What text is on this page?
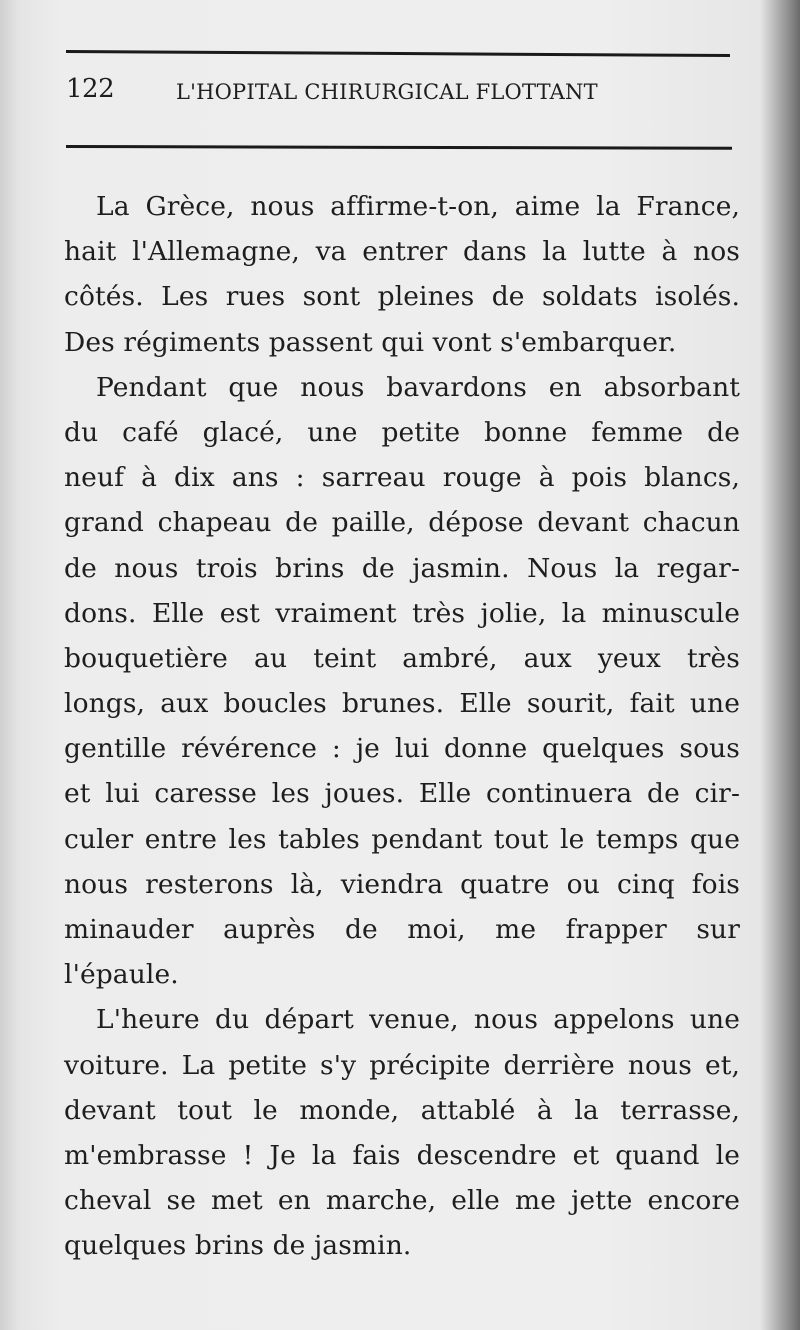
122	L'HOPITAL CHIRURGICAL FLOTTANT
La Grèce, nous affirme-t-on, aime la France,
hait l'Allemagne, va entrer dans la lutte à nos
côtés. Les rues sont pleines de soldats isolés.
Des régiments passent qui vont s'embarquer.
Pendant que nous bavardons en absorbant
du café glacé, une petite bonne femme de
neuf à dix ans : sarreau rouge à pois blancs,
grand chapeau de paille, dépose devant chacun
de nous trois brins de jasmin. Nous la regar-
dons. Elle est vraiment très jolie, la minuscule
bouquetière au teint ambré, aux yeux très
longs, aux boucles brunes. Elle sourit, fait une
gentille révérence : je lui donne quelques sous
et lui caresse les joues. Elle continuera de cir-
culer entre les tables pendant tout le temps que
nous resterons là, viendra quatre ou cinq fois
minauder auprès de moi, me frapper sur
l'épaule.
L'heure du départ venue, nous appelons une
voiture. La petite s'y précipite derrière nous et,
devant tout le monde, attablé à la terrasse,
m'embrasse ! Je la fais descendre et quand le
cheval se met en marche, elle me jette encore
quelques brins de jasmin.
